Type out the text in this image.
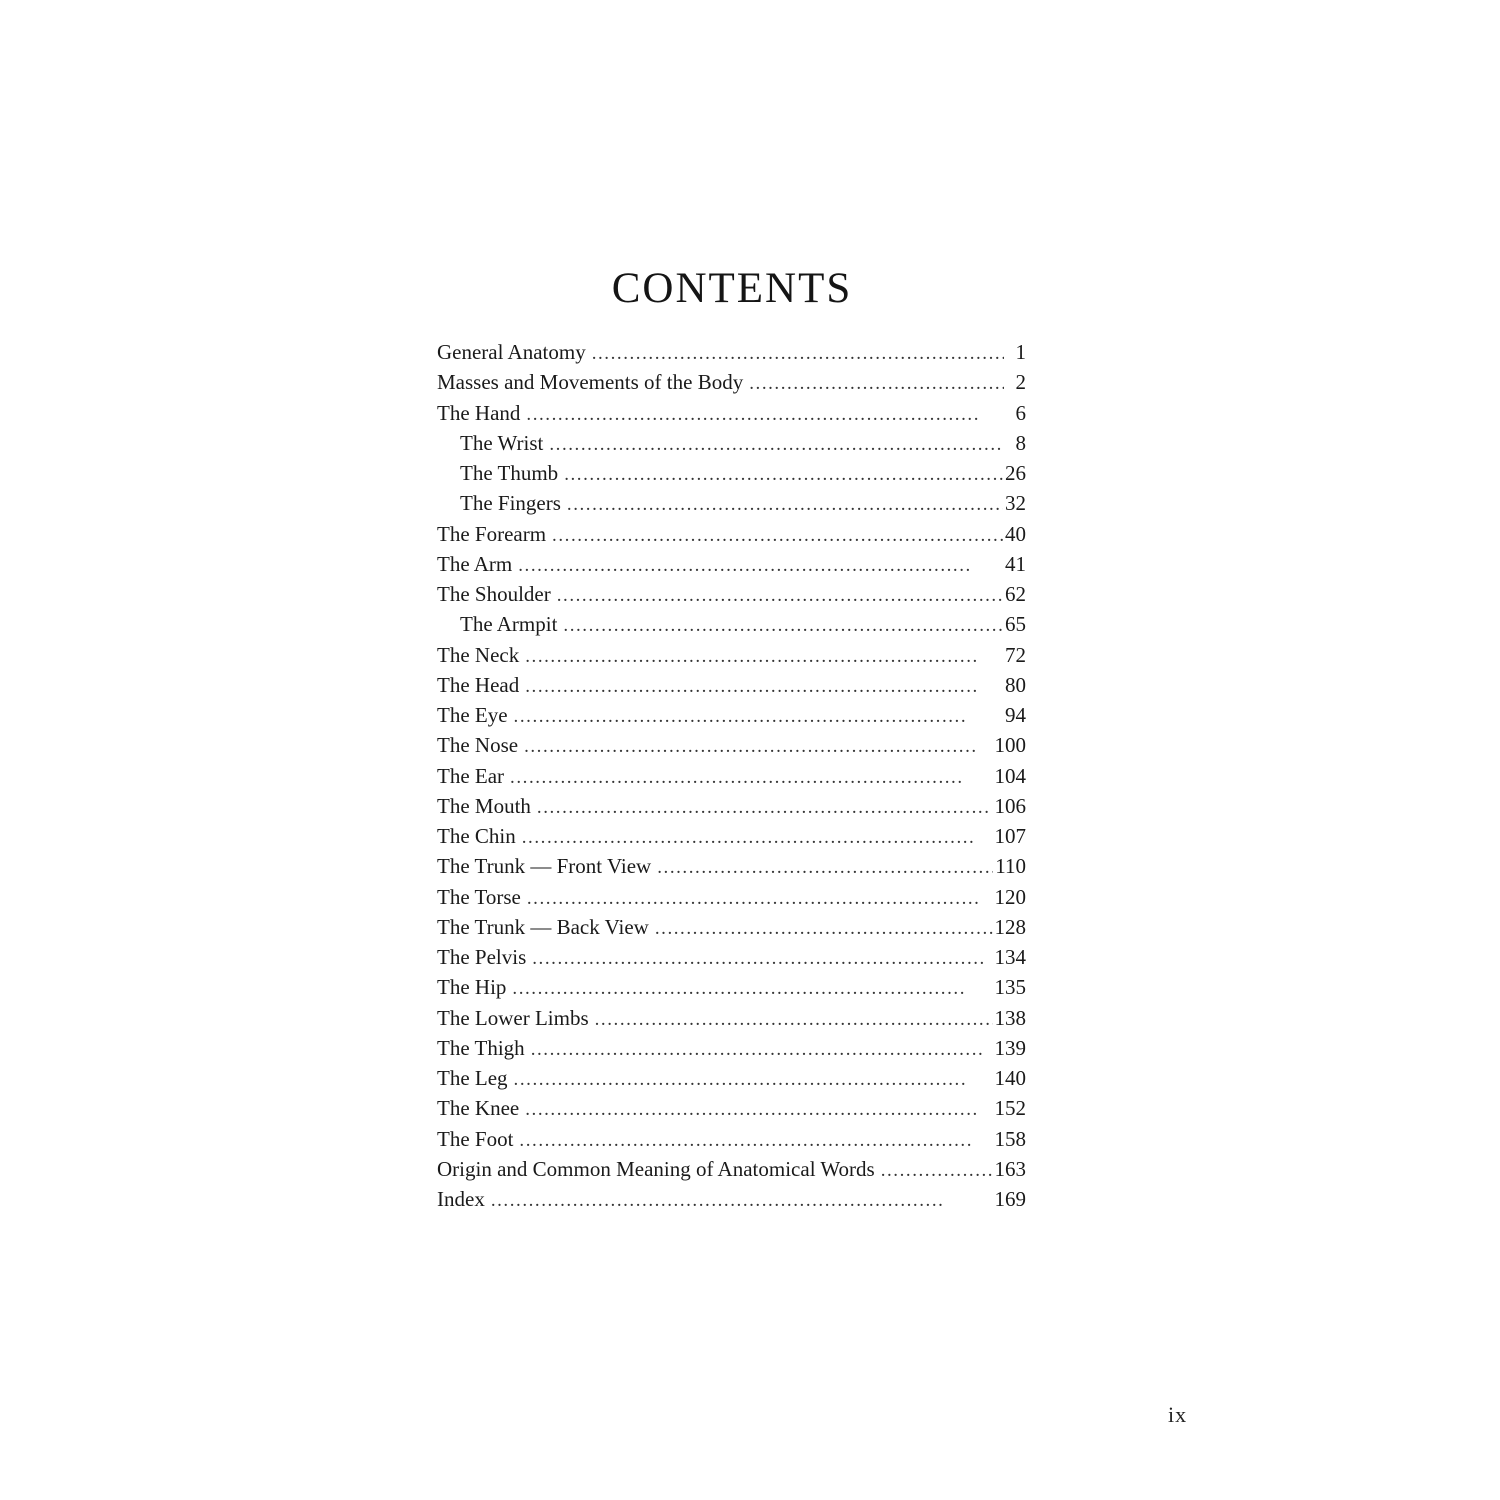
CONTENTS
General Anatomy . . .	1
Masses and Movements of the Body . . .	2
The Hand . . .	6
The Wrist . . .	8
The Thumb . . .	26
The Fingers . . .	32
The Forearm . . .	40
The Arm . . .	41
The Shoulder . . .	62
The Armpit . . .	65
The Neck . . .	72
The Head . . .	80
The Eye . . .	94
The Nose . . .	100
The Ear . . .	104
The Mouth . . .	106
The Chin . . .	107
The Trunk — Front View . . .	110
The Torse . . .	120
The Trunk — Back View . . .	128
The Pelvis . . .	134
The Hip . . .	135
The Lower Limbs . . .	138
The Thigh . . .	139
The Leg . . .	140
The Knee . . .	152
The Foot . . .	158
Origin and Common Meaning of Anatomical Words . . .	163
Index . . .	169
ix
